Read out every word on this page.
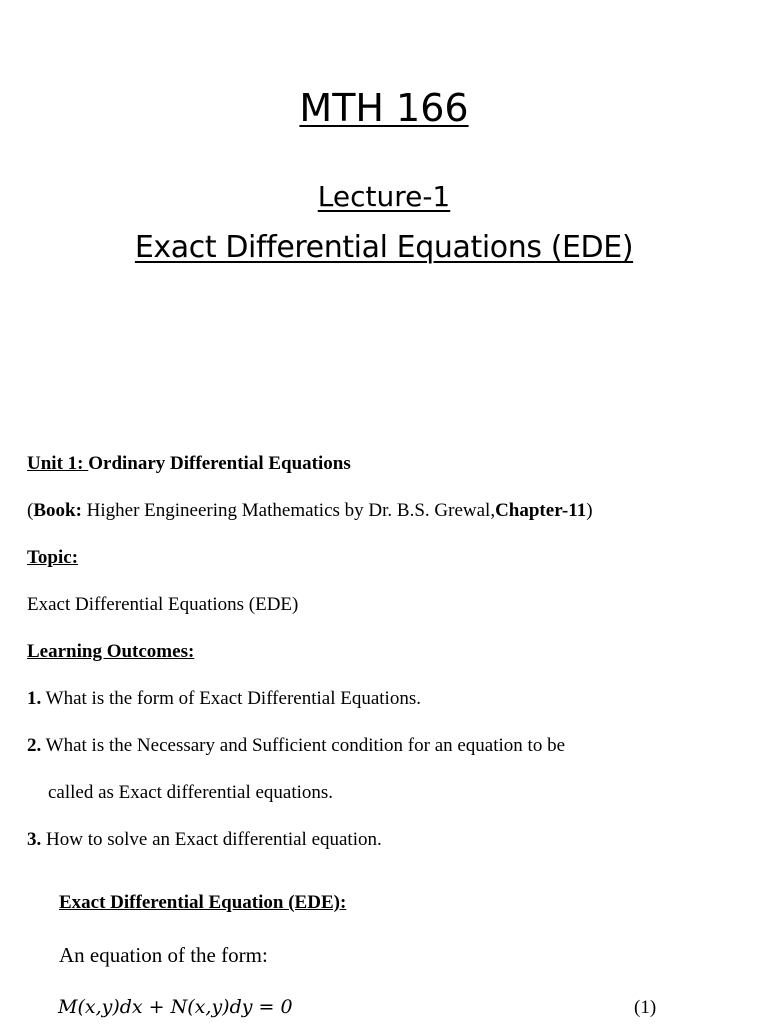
MTH 166
Lecture-1
Exact Differential Equations (EDE)
Unit 1: Ordinary Differential Equations
(Book: Higher Engineering Mathematics by Dr. B.S. Grewal,Chapter-11)
Topic:
Exact Differential Equations (EDE)
Learning Outcomes:
1. What is the form of Exact Differential Equations.
2. What is the Necessary and Sufficient condition for an equation to be
called as Exact differential equations.
3. How to solve an Exact differential equation.
Exact Differential Equation (EDE):
An equation of the form:
M(x,y)dx + N(x,y)dy = 0	(1)
